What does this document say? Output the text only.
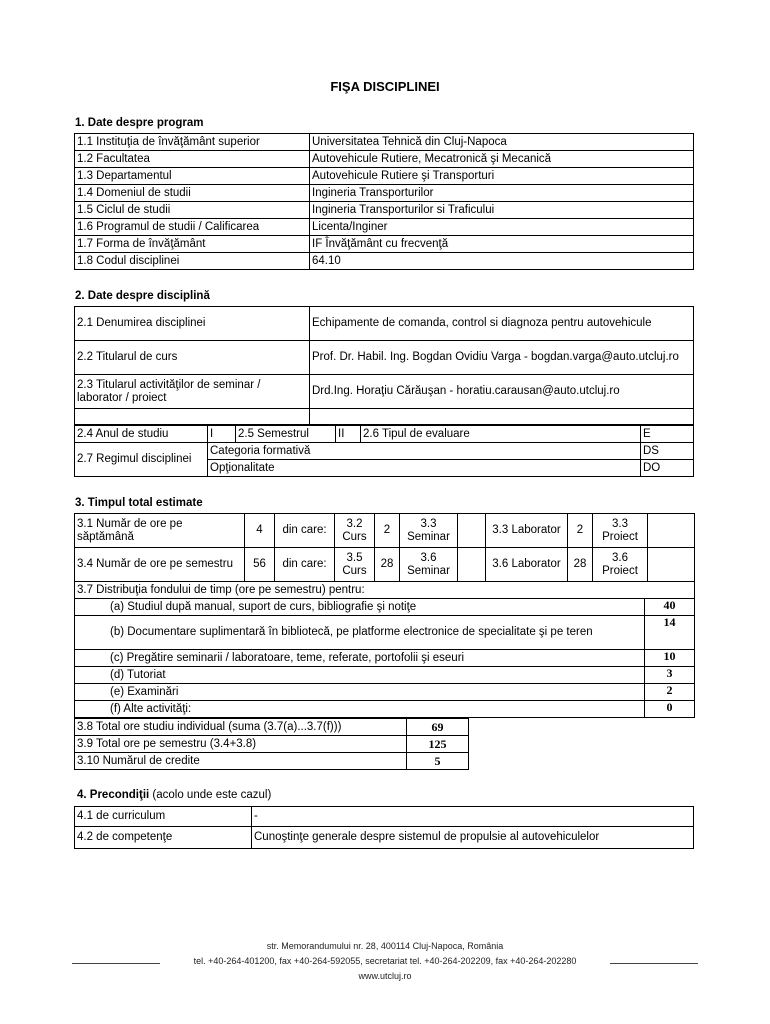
FIŞA DISCIPLINEI
1. Date despre program
1.1 Instituţia de învăţământ superior	Universitatea Tehnică din Cluj-Napoca
1.2 Facultatea	Autovehicule Rutiere, Mecatronică şi Mecanică
1.3 Departamentul	Autovehicule Rutiere şi Transporturi
1.4 Domeniul de studii	Ingineria Transporturilor
1.5 Ciclul de studii	Ingineria Transporturilor si Traficului
1.6 Programul de studii / Calificarea	Licenta/Inginer
1.7 Forma de învăţământ	IF Învăţământ cu frecvenţă
1.8 Codul disciplinei	64.10
2. Date despre disciplină
2.1 Denumirea disciplinei	Echipamente de comanda, control si diagnoza pentru autovehicule
2.2 Titularul de curs	Prof. Dr. Habil. Ing. Bogdan Ovidiu Varga - bogdan.varga@auto.utcluj.ro
2.3 Titularul activităţilor de seminar / laborator / proiect	Drd.Ing. Horaţiu Cărăuşan - horatiu.carausan@auto.utcluj.ro

2.4 Anul de studiu	I	2.5 Semestrul	II	2.6 Tipul de evaluare	E
2.7 Regimul disciplinei	Categoria formativă				DS
	Opţionalitate				DO
3. Timpul total estimate
3.1 Număr de ore pe săptămână	4	din care:	3.2 Curs	2	3.3 Seminar		3.3 Laborator	2	3.3 Proiect	
3.4 Număr de ore pe semestru	56	din care:	3.5 Curs	28	3.6 Seminar		3.6 Laborator	28	3.6 Proiect	
3.7 Distribuţia fondului de timp (ore pe semestru) pentru:	
(a) Studiul după manual, suport de curs, bibliografie şi notiţe	40
(b) Documentare suplimentară în bibliotecă, pe platforme electronice de specialitate şi pe teren	14
(c) Pregătire seminarii / laboratoare, teme, referate, portofolii şi eseuri	10
(d) Tutoriat	3
(e) Examinări	2
(f) Alte activităţi:	0
3.8 Total ore studiu individual (suma (3.7(a)...3.7(f)))	69
3.9 Total ore pe semestru (3.4+3.8)	125
3.10 Numărul de credite	5
4. Precondiţii (acolo unde este cazul)
4.1 de curriculum	-
4.2 de competenţe	Cunoştinţe generale despre sistemul de propulsie al autovehiculelor
str. Memorandumului nr. 28, 400114 Cluj-Napoca, România
tel. +40-264-401200, fax +40-264-592055, secretariat tel. +40-264-202209, fax +40-264-202280
www.utcluj.ro
